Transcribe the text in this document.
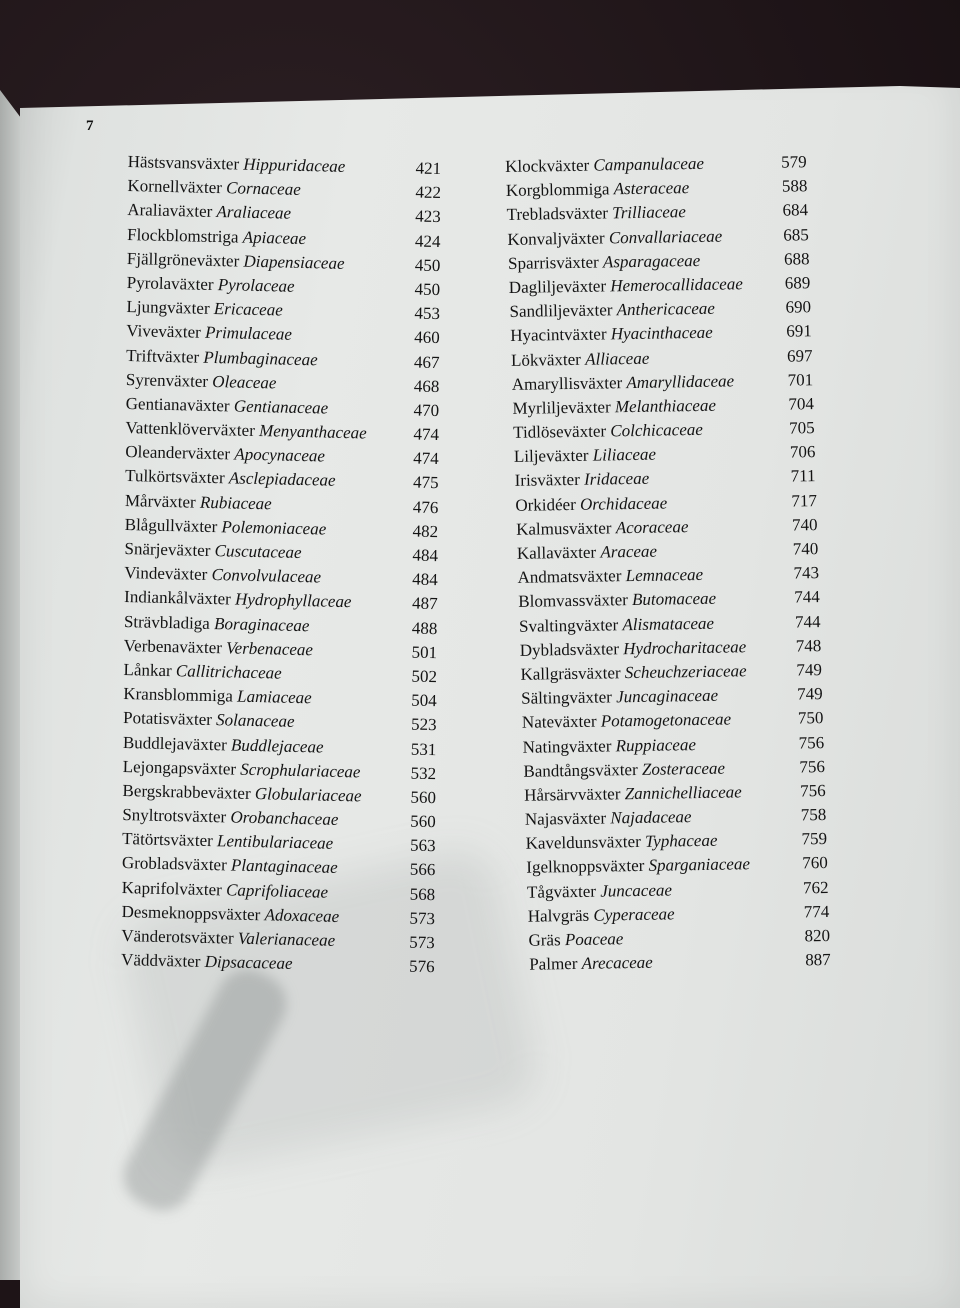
7
Hästsvansväxter Hippuridaceae	421
Kornellväxter Cornaceae	422
Araliaväxter Araliaceae	423
Flockblomstriga Apiaceae	424
Fjällgröneväxter Diapensiaceae	450
Pyrolaväxter Pyrolaceae	450
Ljungväxter Ericaceae	453
Viveväxter Primulaceae	460
Triftväxter Plumbaginaceae	467
Syrenväxter Oleaceae	468
Gentianaväxter Gentianaceae	470
Vattenklöverväxter Menyanthaceae	474
Oleanderväxter Apocynaceae	474
Tulkörtsväxter Asclepiadaceae	475
Mårväxter Rubiaceae	476
Blågullväxter Polemoniaceae	482
Snärjeväxter Cuscutaceae	484
Vindeväxter Convolvulaceae	484
Indiankålväxter Hydrophyllaceae	487
Strävbladiga Boraginaceae	488
Verbenaväxter Verbenaceae	501
Lånkar Callitrichaceae	502
Kransblommiga Lamiaceae	504
Potatisväxter Solanaceae	523
Buddlejaväxter Buddlejaceae	531
Lejongapsväxter Scrophulariaceae	532
Bergskrabbeväxter Globulariaceae	560
Snyltrotsväxter Orobanchaceae	560
Tätörtsväxter Lentibulariaceae	563
Grobladsväxter Plantaginaceae	566
Kaprifolväxter Caprifoliaceae	568
Desmeknoppsväxter Adoxaceae	573
Vänderotsväxter Valerianaceae	573
Väddväxter Dipsacaceae	576
Klockväxter Campanulaceae	579
Korgblommiga Asteraceae	588
Trebladsväxter Trilliaceae	684
Konvaljväxter Convallariaceae	685
Sparrisväxter Asparagaceae	688
Dagliljeväxter Hemerocallidaceae 689
Sandliljeväxter Anthericaceae	690
Hyacintväxter Hyacinthaceae	691
Lökväxter Alliaceae	697
Amaryllisväxter Amaryllidaceae	701
Myrliljeväxter Melanthiaceae	704
Tidlöseväxter Colchicaceae	705
Liljeväxter Liliaceae	706
Irisväxter Iridaceae	711
Orkidéer Orchidaceae	717
Kalmusväxter Acoraceae	740
Kallaväxter Araceae	740
Andmatsväxter Lemnaceae	743
Blomvassväxter Butomaceae	744
Svaltingväxter Alismataceae	744
Dybladsväxter Hydrocharitaceae	748
Kallgräsväxter Scheuchzeriaceae	749
Sältingväxter Juncaginaceae	749
Nateväxter Potamogetonaceae	750
Natingväxter Ruppiaceae	756
Bandtångsväxter Zosteraceae	756
Hårsärvväxter Zannichelliaceae	756
Najasväxter Najadaceae	758
Kaveldunsväxter Typhaceae	759
Igelknoppsväxter Sparganiaceae	760
Tågväxter Juncaceae	762
Halvgräs Cyperaceae	774
Gräs Poaceae	820
Palmer Arecaceae	887
